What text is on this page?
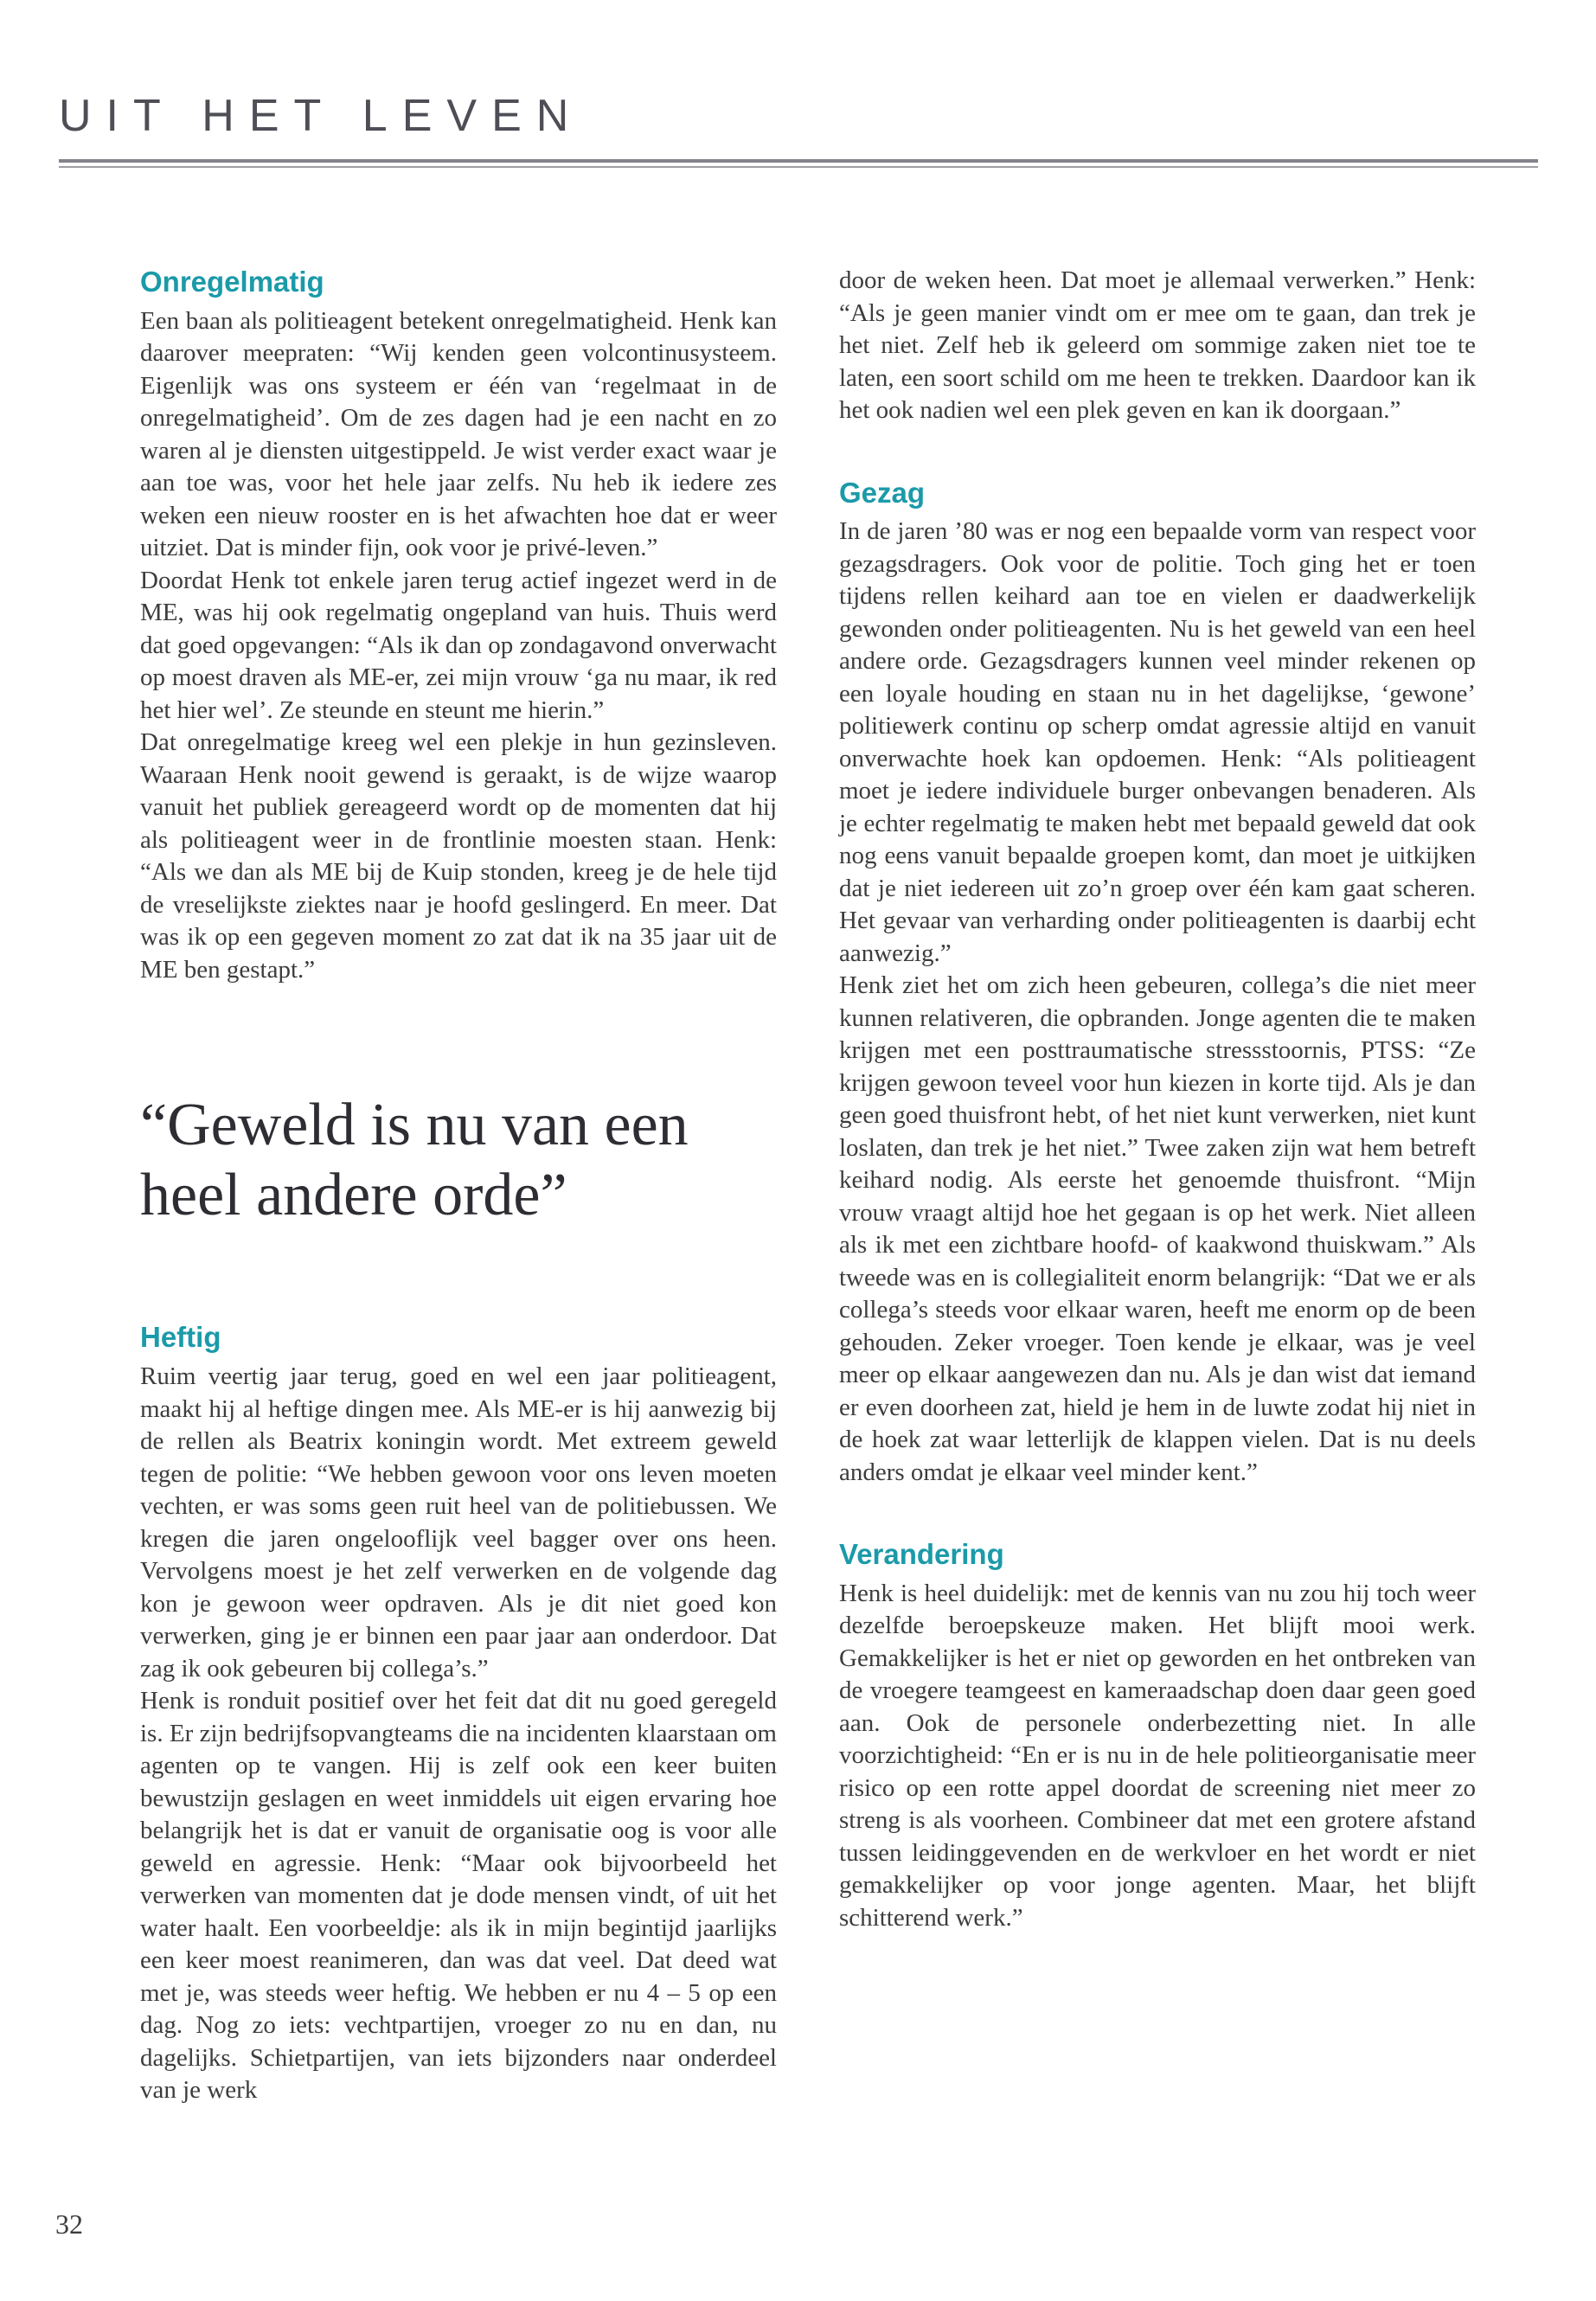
UIT HET LEVEN
Onregelmatig

Een baan als politieagent betekent onregelmatigheid. Henk kan daarover meepraten: “Wij kenden geen volcontinusysteem. Eigenlijk was ons systeem er één van ‘regelmaat in de onregelmatigheid’. Om de zes dagen had je een nacht en zo waren al je diensten uitgestippeld. Je wist verder exact waar je aan toe was, voor het hele jaar zelfs. Nu heb ik iedere zes weken een nieuw rooster en is het afwachten hoe dat er weer uitziet. Dat is minder fijn, ook voor je privé-leven.”

Doordat Henk tot enkele jaren terug actief ingezet werd in de ME, was hij ook regelmatig ongepland van huis. Thuis werd dat goed opgevangen: “Als ik dan op zondagavond onverwacht op moest draven als ME-er, zei mijn vrouw ‘ga nu maar, ik red het hier wel’. Ze steunde en steunt me hierin.”

Dat onregelmatige kreeg wel een plekje in hun gezinsleven. Waaraan Henk nooit gewend is geraakt, is de wijze waarop vanuit het publiek gereageerd wordt op de momenten dat hij als politieagent weer in de frontlinie moesten staan. Henk: “Als we dan als ME bij de Kuip stonden, kreeg je de hele tijd de vreselijkste ziektes naar je hoofd geslingerd. En meer. Dat was ik op een gegeven moment zo zat dat ik na 35 jaar uit de ME ben gestapt.”

“Geweld is nu van een
heel andere orde”
Heftig

Ruim veertig jaar terug, goed en wel een jaar politieagent, maakt hij al heftige dingen mee. Als ME-er is hij aanwezig bij de rellen als Beatrix koningin wordt. Met extreem geweld tegen de politie: “We hebben gewoon voor ons leven moeten vechten, er was soms geen ruit heel van de politiebussen. We kregen die jaren ongelooflijk veel bagger over ons heen. Vervolgens moest je het zelf verwerken en de volgende dag kon je gewoon weer opdraven. Als je dit niet goed kon verwerken, ging je er binnen een paar jaar aan onderdoor. Dat zag ik ook gebeuren bij collega’s.”

Henk is ronduit positief over het feit dat dit nu goed geregeld is. Er zijn bedrijfsopvangteams die na incidenten klaarstaan om agenten op te vangen. Hij is zelf ook een keer buiten bewustzijn geslagen en weet inmiddels uit eigen ervaring hoe belangrijk het is dat er vanuit de organisatie oog is voor alle geweld en agressie. Henk: “Maar ook bijvoorbeeld het verwerken van momenten dat je dode mensen vindt, of uit het water haalt. Een voorbeeldje: als ik in mijn begintijd jaarlijks een keer moest reanimeren, dan was dat veel. Dat deed wat met je, was steeds weer heftig. We hebben er nu 4 – 5 op een dag. Nog zo iets: vechtpartijen, vroeger zo nu en dan, nu dagelijks. Schietpartijen, van iets bijzonders naar onderdeel van je werk

door de weken heen. Dat moet je allemaal verwerken.” Henk: “Als je geen manier vindt om er mee om te gaan, dan trek je het niet. Zelf heb ik geleerd om sommige zaken niet toe te laten, een soort schild om me heen te trekken. Daardoor kan ik het ook nadien wel een plek geven en kan ik doorgaan.”

Gezag

In de jaren ’80 was er nog een bepaalde vorm van respect voor gezagsdragers. Ook voor de politie. Toch ging het er toen tijdens rellen keihard aan toe en vielen er daadwerkelijk gewonden onder politieagenten. Nu is het geweld van een heel andere orde. Gezagsdragers kunnen veel minder rekenen op een loyale houding en staan nu in het dagelijkse, ‘gewone’ politiewerk continu op scherp omdat agressie altijd en vanuit onverwachte hoek kan opdoemen. Henk: “Als politieagent moet je iedere individuele burger onbevangen benaderen. Als je echter regelmatig te maken hebt met bepaald geweld dat ook nog eens vanuit bepaalde groepen komt, dan moet je uitkijken dat je niet iedereen uit zo’n groep over één kam gaat scheren. Het gevaar van verharding onder politieagenten is daarbij echt aanwezig.”

Henk ziet het om zich heen gebeuren, collega’s die niet meer kunnen relativeren, die opbranden. Jonge agenten die te maken krijgen met een posttraumatische stressstoornis, PTSS: “Ze krijgen gewoon teveel voor hun kiezen in korte tijd. Als je dan geen goed thuisfront hebt, of het niet kunt verwerken, niet kunt loslaten, dan trek je het niet.” Twee zaken zijn wat hem betreft keihard nodig. Als eerste het genoemde thuisfront. “Mijn vrouw vraagt altijd hoe het gegaan is op het werk. Niet alleen als ik met een zichtbare hoofd- of kaakwond thuiskwam.” Als tweede was en is collegialiteit enorm belangrijk: “Dat we er als collega’s steeds voor elkaar waren, heeft me enorm op de been gehouden. Zeker vroeger. Toen kende je elkaar, was je veel meer op elkaar aangewezen dan nu. Als je dan wist dat iemand er even doorheen zat, hield je hem in de luwte zodat hij niet in de hoek zat waar letterlijk de klappen vielen. Dat is nu deels anders omdat je elkaar veel minder kent.”

Verandering

Henk is heel duidelijk: met de kennis van nu zou hij toch weer dezelfde beroepskeuze maken. Het blijft mooi werk. Gemakkelijker is het er niet op geworden en het ontbreken van de vroegere teamgeest en kameraadschap doen daar geen goed aan. Ook de personele onderbezetting niet. In alle voorzichtigheid: “En er is nu in de hele politieorganisatie meer risico op een rotte appel doordat de screening niet meer zo streng is als voorheen. Combineer dat met een grotere afstand tussen leidinggevenden en de werkvloer en het wordt er niet gemakkelijker op voor jonge agenten. Maar, het blijft schitterend werk.”

32
